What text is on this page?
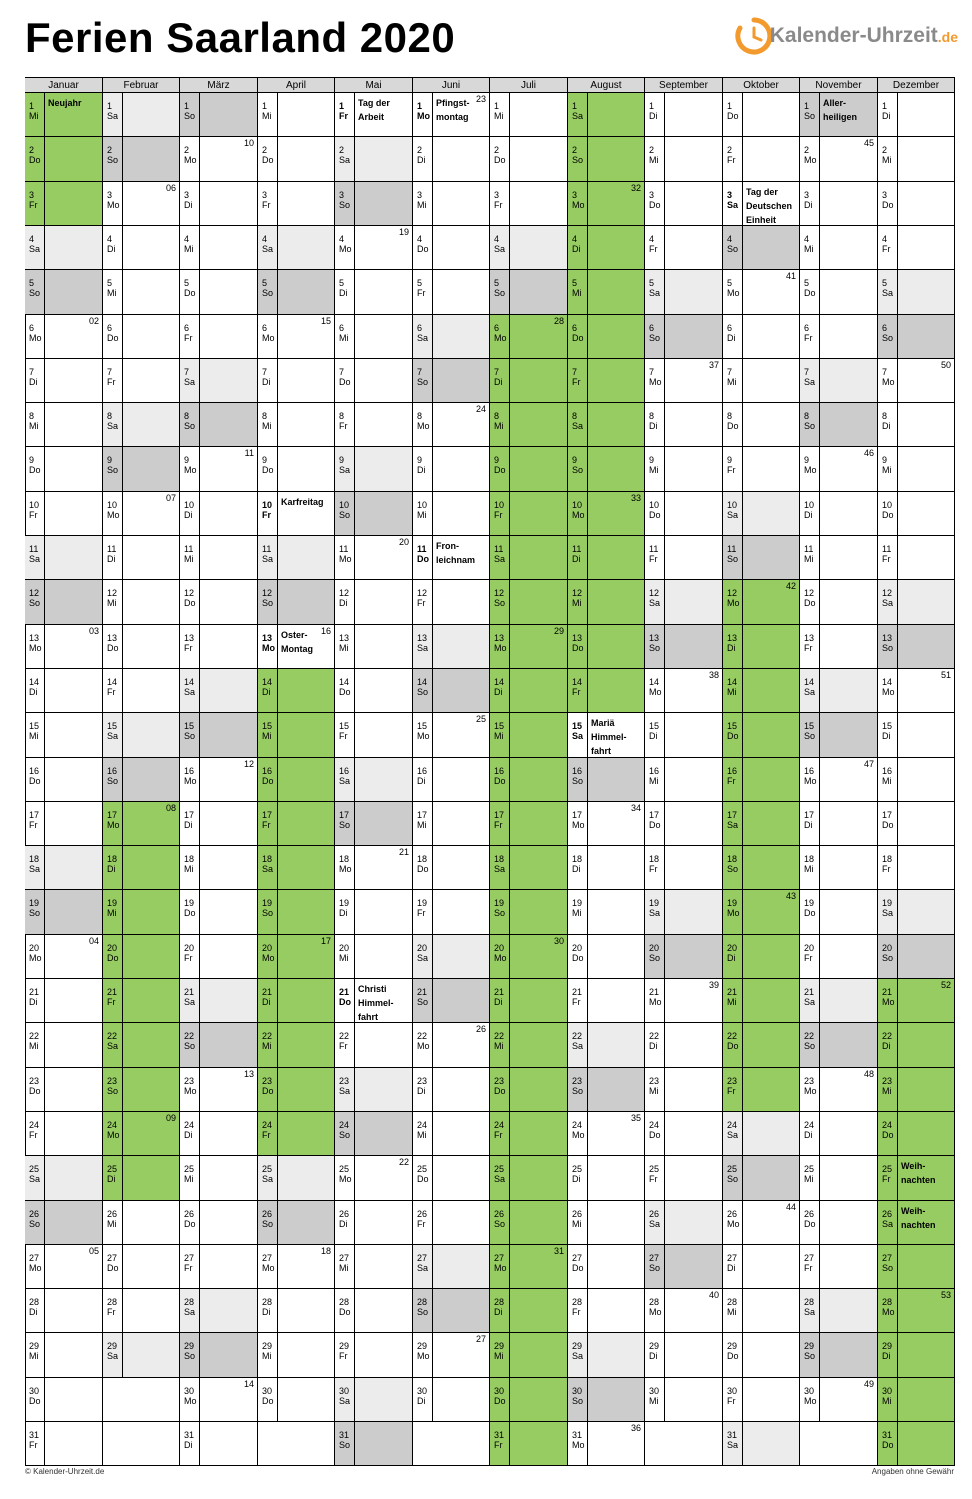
Ferien Saarland 2020	Kalender-Uhrzeit.de
Januar
1
Mi
Neujahr
2
Do
3
Fr
4
Sa
5
So
6
Mo
02
7
Di
8
Mi
9
Do
10
Fr
11
Sa
12
So
13
Mo
03
14
Di
15
Mi
16
Do
17
Fr
18
Sa
19
So
20
Mo
04
21
Di
22
Mi
23
Do
24
Fr
25
Sa
26
So
27
Mo
05
28
Di
29
Mi
30
Do
31
Fr
Februar
1
Sa
2
So
3
Mo
06
4
Di
5
Mi
6
Do
7
Fr
8
Sa
9
So
10
Mo
07
11
Di
12
Mi
13
Do
14
Fr
15
Sa
16
So
17
Mo
08
18
Di
19
Mi
20
Do
21
Fr
22
Sa
23
So
24
Mo
09
25
Di
26
Mi
27
Do
28
Fr
29
Sa
März
1
So
2
Mo
10
3
Di
4
Mi
5
Do
6
Fr
7
Sa
8
So
9
Mo
11
10
Di
11
Mi
12
Do
13
Fr
14
Sa
15
So
16
Mo
12
17
Di
18
Mi
19
Do
20
Fr
21
Sa
22
So
23
Mo
13
24
Di
25
Mi
26
Do
27
Fr
28
Sa
29
So
30
Mo
14
31
Di
April
1
Mi
2
Do
3
Fr
4
Sa
5
So
6
Mo
15
7
Di
8
Mi
9
Do
10
Fr
Karfreitag
11
Sa
12
So
13
Mo
Oster-
Montag
16
14
Di
15
Mi
16
Do
17
Fr
18
Sa
19
So
20
Mo
17
21
Di
22
Mi
23
Do
24
Fr
25
Sa
26
So
27
Mo
18
28
Di
29
Mi
30
Do
Mai
1
Fr
Tag der
Arbeit
2
Sa
3
So
4
Mo
19
5
Di
6
Mi
7
Do
8
Fr
9
Sa
10
So
11
Mo
20
12
Di
13
Mi
14
Do
15
Fr
16
Sa
17
So
18
Mo
21
19
Di
20
Mi
21
Do
Christi
Himmel-
fahrt
22
Fr
23
Sa
24
So
25
Mo
22
26
Di
27
Mi
28
Do
29
Fr
30
Sa
31
So
Juni
1
Mo
Pfingst-
montag
23
2
Di
3
Mi
4
Do
5
Fr
6
Sa
7
So
8
Mo
24
9
Di
10
Mi
11
Do
Fron-
leichnam
12
Fr
13
Sa
14
So
15
Mo
25
16
Di
17
Mi
18
Do
19
Fr
20
Sa
21
So
22
Mo
26
23
Di
24
Mi
25
Do
26
Fr
27
Sa
28
So
29
Mo
27
30
Di
Juli
1
Mi
2
Do
3
Fr
4
Sa
5
So
6
Mo
28
7
Di
8
Mi
9
Do
10
Fr
11
Sa
12
So
13
Mo
29
14
Di
15
Mi
16
Do
17
Fr
18
Sa
19
So
20
Mo
30
21
Di
22
Mi
23
Do
24
Fr
25
Sa
26
So
27
Mo
31
28
Di
29
Mi
30
Do
31
Fr
August
1
Sa
2
So
3
Mo
32
4
Di
5
Mi
6
Do
7
Fr
8
Sa
9
So
10
Mo
33
11
Di
12
Mi
13
Do
14
Fr
15
Sa
Mariä
Himmel-
fahrt
16
So
17
Mo
34
18
Di
19
Mi
20
Do
21
Fr
22
Sa
23
So
24
Mo
35
25
Di
26
Mi
27
Do
28
Fr
29
Sa
30
So
31
Mo
36
September
1
Di
2
Mi
3
Do
4
Fr
5
Sa
6
So
7
Mo
37
8
Di
9
Mi
10
Do
11
Fr
12
Sa
13
So
14
Mo
38
15
Di
16
Mi
17
Do
18
Fr
19
Sa
20
So
21
Mo
39
22
Di
23
Mi
24
Do
25
Fr
26
Sa
27
So
28
Mo
40
29
Di
30
Mi
Oktober
1
Do
2
Fr
3
Sa
Tag der
Deutschen
Einheit
4
So
5
Mo
41
6
Di
7
Mi
8
Do
9
Fr
10
Sa
11
So
12
Mo
42
13
Di
14
Mi
15
Do
16
Fr
17
Sa
18
So
19
Mo
43
20
Di
21
Mi
22
Do
23
Fr
24
Sa
25
So
26
Mo
44
27
Di
28
Mi
29
Do
30
Fr
31
Sa
November
1
So
Aller-
heiligen
2
Mo
45
3
Di
4
Mi
5
Do
6
Fr
7
Sa
8
So
9
Mo
46
10
Di
11
Mi
12
Do
13
Fr
14
Sa
15
So
16
Mo
47
17
Di
18
Mi
19
Do
20
Fr
21
Sa
22
So
23
Mo
48
24
Di
25
Mi
26
Do
27
Fr
28
Sa
29
So
30
Mo
49
Dezember
1
Di
2
Mi
3
Do
4
Fr
5
Sa
6
So
7
Mo
50
8
Di
9
Mi
10
Do
11
Fr
12
Sa
13
So
14
Mo
51
15
Di
16
Mi
17
Do
18
Fr
19
Sa
20
So
21
Mo
52
22
Di
23
Mi
24
Do
25
Fr
Weih-
nachten
26
Sa
Weih-
nachten
27
So
28
Mo
53
29
Di
30
Mi
31
Do
© Kalender-Uhrzeit.de	Angaben ohne Gewähr
